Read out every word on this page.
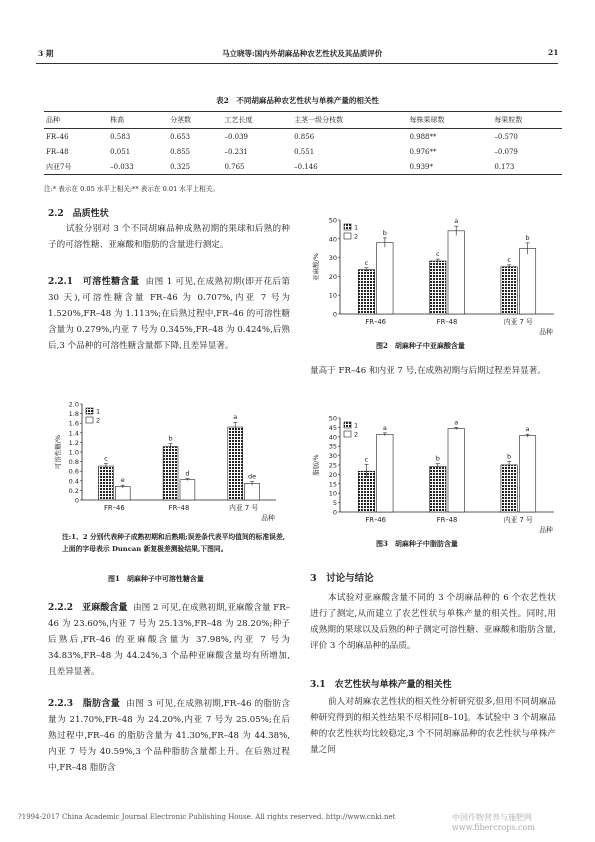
3 期	马立晓等:国内外胡麻品种农艺性状及其品质评价	21
表2　不同胡麻品种农艺性状与单株产量的相关性
品种	株高	分茎数	工艺长度	主茎一级分枝数	每株果球数	每果粒数
FR–46	0.583	0.653	–0.039	0.856	0.988**	–0.570
FR–48	0.051	0.855	–0.231	0.551	0.976**	–0.079
内亚7号	–0.033	0.325	0.765	–0.146	0.939*	0.173
注:* 表示在 0.05 水平上相关;** 表示在 0.01 水平上相关。
2.2　品质性状
试验分别对 3 个不同胡麻品种成熟初期的果球和后熟的种子的可溶性糖、亚麻酸和脂肪的含量进行测定。
2.2.1　可溶性糖含量 由图 1 可见,在成熟初期(即开花后第 30 天),可溶性糖含量 FR–46 为 0.707%,内亚 7 号为 1.520%,FR–48 为 1.113%;在后熟过程中,FR–46 的可溶性糖含量为 0.279%,内亚 7 号为 0.345%,FR–48 为 0.424%,后熟后,3 个品种的可溶性糖含量都下降,且差异显著。
0
0.2
0.4
0.6
0.8
1.0
1.2
1.4
1.6
1.8
2.0
可溶性糖/%	c
e
FR–46
b
d
FR–48
a
de
内亚 7 号
品种
1
2
注:1、2 分别代表种子成熟初期和后熟期;误差条代表平均值间的标准误差,上面的字母表示 Duncan 新复极差测验结果,下图同。
图1　胡麻种子中可溶性糖含量
2.2.2　亚麻酸含量 由图 2 可见,在成熟初期,亚麻酸含量 FR–46 为 23.60%,内亚 7 号为 25.13%,FR–48 为 28.20%;种子后熟后,FR–46 的亚麻酸含量为 37.98%,内亚 7 号为 34.83%,FR–48 为 44.24%,3 个品种亚麻酸含量均有所增加,且差异显著。
2.2.3　脂肪含量 由图 3 可见,在成熟初期,FR–46 的脂肪含量为 21.70%,FR–48 为 24.20%,内亚 7 号为 25.05%;在后熟过程中,FR–46 的脂肪含量为 41.30%,FR–48 为 44.38%,内亚 7 号为 40.59%,3 个品种脂肪含量都上升。在后熟过程中,FR–48 脂肪含
0
10
20
30
40
50
亚麻酸/%	c
b
FR–46
c
a
FR–48
c
b
内亚 7 号
品种
1
2
图2　胡麻种子中亚麻酸含量
量高于 FR–46 和内亚 7 号,在成熟初期与后期过程差异显著。
0
5
10
15
20
25
30
35
40
45
50
脂肪/%	c
a
FR–46
b
a
FR–48
b
a
内亚 7 号
品种
1
2
图3　胡麻种子中脂肪含量
3　讨论与结论
本试验对亚麻酸含量不同的 3 个胡麻品种的 6 个农艺性状进行了测定,从而建立了农艺性状与单株产量的相关性。同时,用成熟期的果球以及后熟的种子测定可溶性糖、亚麻酸和脂肪含量,评价 3 个胡麻品种的品质。
3.1　农艺性状与单株产量的相关性
前人对胡麻农艺性状的相关性分析研究很多,但用不同胡麻品种研究得到的相关性结果不尽相同[8–10]。本试验中 3 个胡麻品种的农艺性状均比较稳定,3 个不同胡麻品种的农艺性状与单株产量之间
?1994-2017 China Academic Journal Electronic Publishing House. All rights reserved. http://www.cnki.net	中国作物营养与施肥网 www.fibercrops.com
